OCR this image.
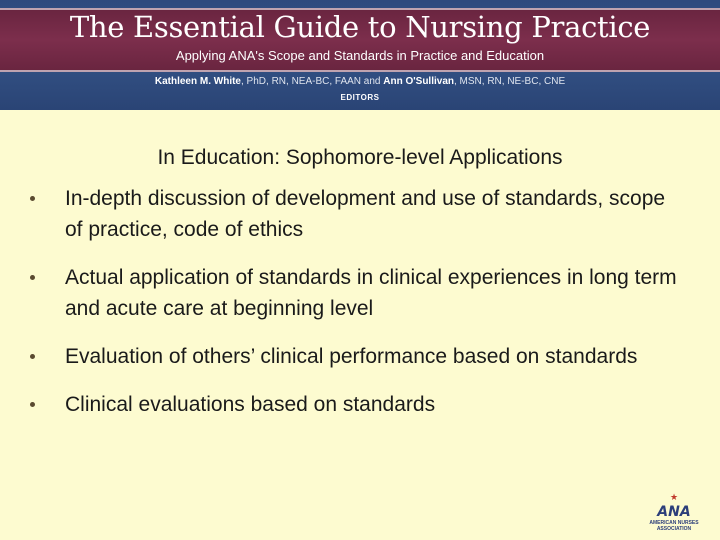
The Essential Guide to Nursing Practice
Applying ANA's Scope and Standards in Practice and Education
Kathleen M. White, PhD, RN, NEA-BC, FAAN and Ann O'Sullivan, MSN, RN, NE-BC, CNE
EDITORS
In Education: Sophomore-level Applications
In-depth discussion of development and use of standards, scope of practice, code of ethics
Actual application of standards in clinical experiences in long term and acute care at beginning level
Evaluation of others’ clinical performance based on standards
Clinical evaluations based on standards
★
ANA
AMERICAN NURSES
ASSOCIATION
